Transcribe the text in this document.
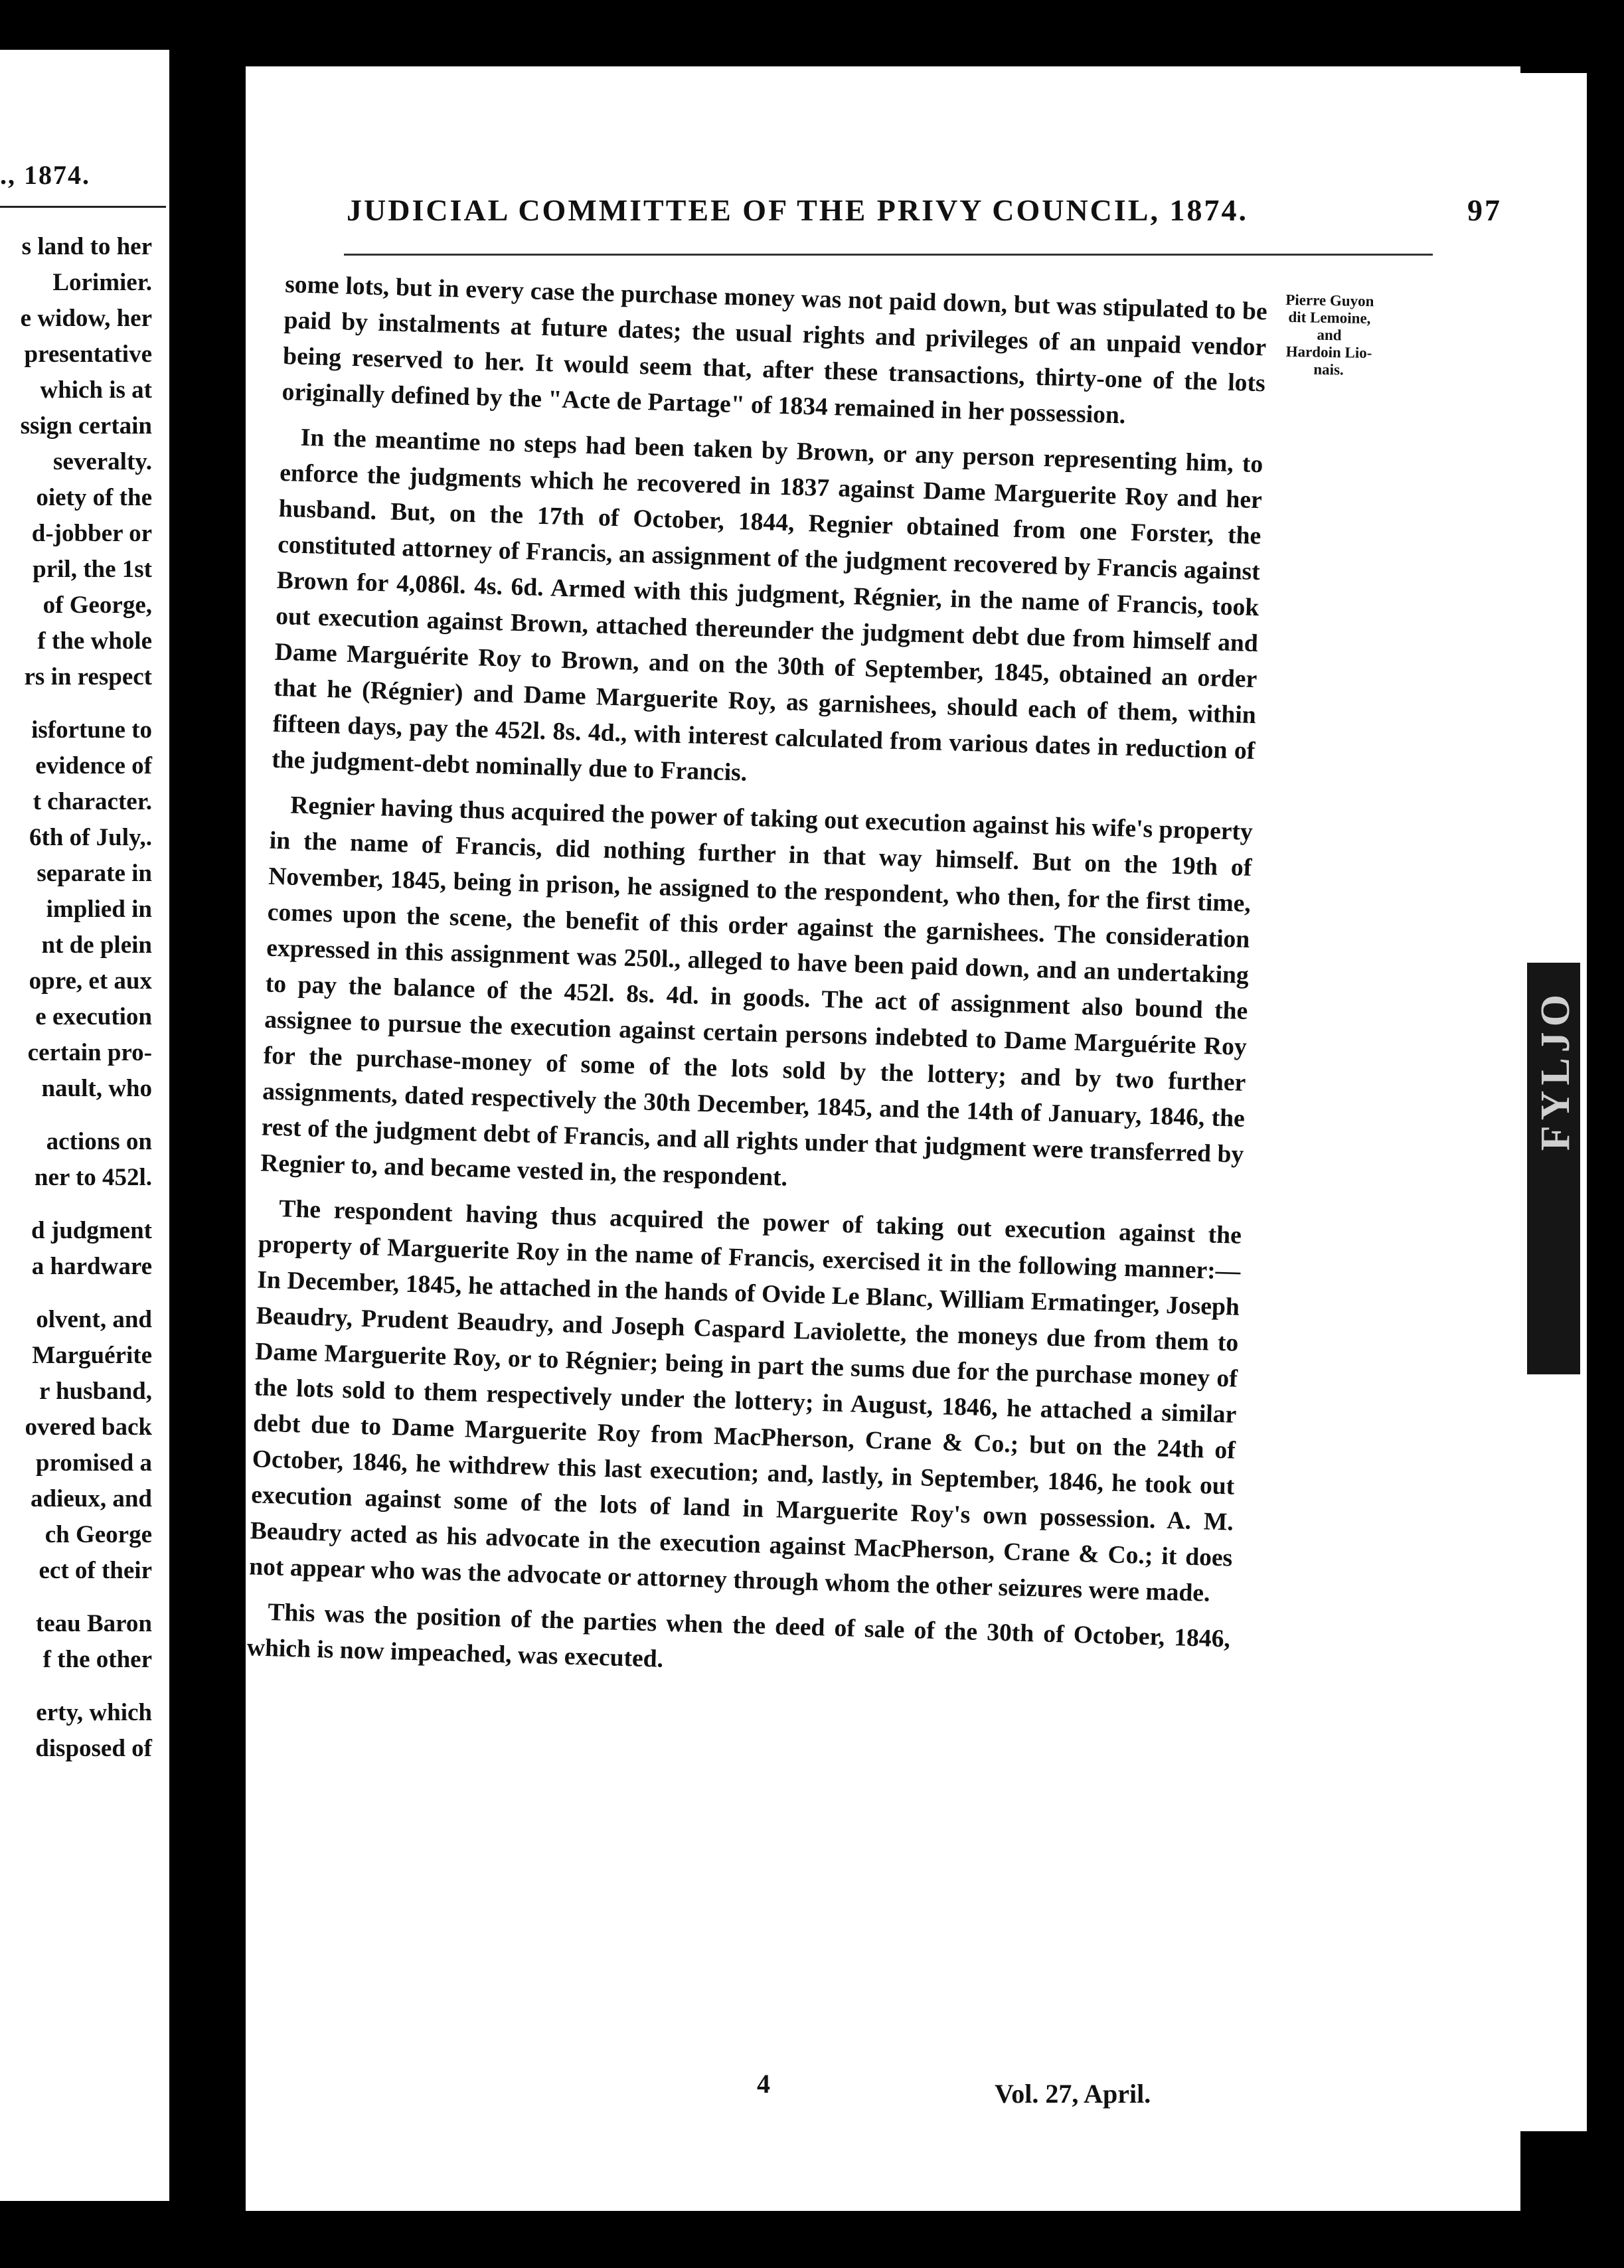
., 1874.
s land to her
Lorimier.
e widow, her
presentative
which is at
ssign certain
severalty.
oiety of the
d-jobber or
pril, the 1st
of George,
f the whole
rs in respect

isfortune to
evidence of
t character.
6th of July,.
separate in
implied in
nt de plein
opre, et aux
e execution
certain pro-
nault, who

actions on
ner to 452l.

d judgment
a hardware

olvent, and
Marguérite
r husband,
overed back
promised a
adieux, and
ch George
ect of their

teau Baron
f the other

erty, which
disposed of
JUDICIAL COMMITTEE OF THE PRIVY COUNCIL, 1874.	97
Pierre Guyon
dit Lemoine,
and
Hardoin Lio-
nais.

some lots, but in every case the purchase money was not paid down, but was stipulated to be paid by instalments at future dates; the usual rights and privileges of an unpaid vendor being reserved to her. It would seem that, after these transactions, thirty-one of the lots originally defined by the "Acte de Partage" of 1834 remained in her possession.

In the meantime no steps had been taken by Brown, or any person representing him, to enforce the judgments which he recovered in 1837 against Dame Marguerite Roy and her husband. But, on the 17th of October, 1844, Regnier obtained from one Forster, the constituted attorney of Francis, an assignment of the judgment recovered by Francis against Brown for 4,086l. 4s. 6d. Armed with this judgment, Régnier, in the name of Francis, took out execution against Brown, attached thereunder the judgment debt due from himself and Dame Marguérite Roy to Brown, and on the 30th of September, 1845, obtained an order that he (Régnier) and Dame Marguerite Roy, as garnishees, should each of them, within fifteen days, pay the 452l. 8s. 4d., with interest calculated from various dates in reduction of the judgment-debt nominally due to Francis.

Regnier having thus acquired the power of taking out execution against his wife's property in the name of Francis, did nothing further in that way himself. But on the 19th of November, 1845, being in prison, he assigned to the respondent, who then, for the first time, comes upon the scene, the benefit of this order against the garnishees. The consideration expressed in this assignment was 250l., alleged to have been paid down, and an undertaking to pay the balance of the 452l. 8s. 4d. in goods. The act of assignment also bound the assignee to pursue the execution against certain persons indebted to Dame Marguérite Roy for the purchase-money of some of the lots sold by the lottery; and by two further assignments, dated respectively the 30th December, 1845, and the 14th of January, 1846, the rest of the judgment debt of Francis, and all rights under that judgment were transferred by Regnier to, and became vested in, the respondent.

The respondent having thus acquired the power of taking out execution against the property of Marguerite Roy in the name of Francis, exercised it in the following manner:—In December, 1845, he attached in the hands of Ovide Le Blanc, William Ermatinger, Joseph Beaudry, Prudent Beaudry, and Joseph Caspard Laviolette, the moneys due from them to Dame Marguerite Roy, or to Régnier; being in part the sums due for the purchase money of the lots sold to them respectively under the lottery; in August, 1846, he attached a similar debt due to Dame Marguerite Roy from MacPherson, Crane & Co.; but on the 24th of October, 1846, he withdrew this last execution; and, lastly, in September, 1846, he took out execution against some of the lots of land in Marguerite Roy's own possession. A. M. Beaudry acted as his advocate in the execution against MacPherson, Crane & Co.; it does not appear who was the advocate or attorney through whom the other seizures were made.

This was the position of the parties when the deed of sale of the 30th of October, 1846, which is now impeached, was executed.

4	Vol. 27, April.
FYLJO
